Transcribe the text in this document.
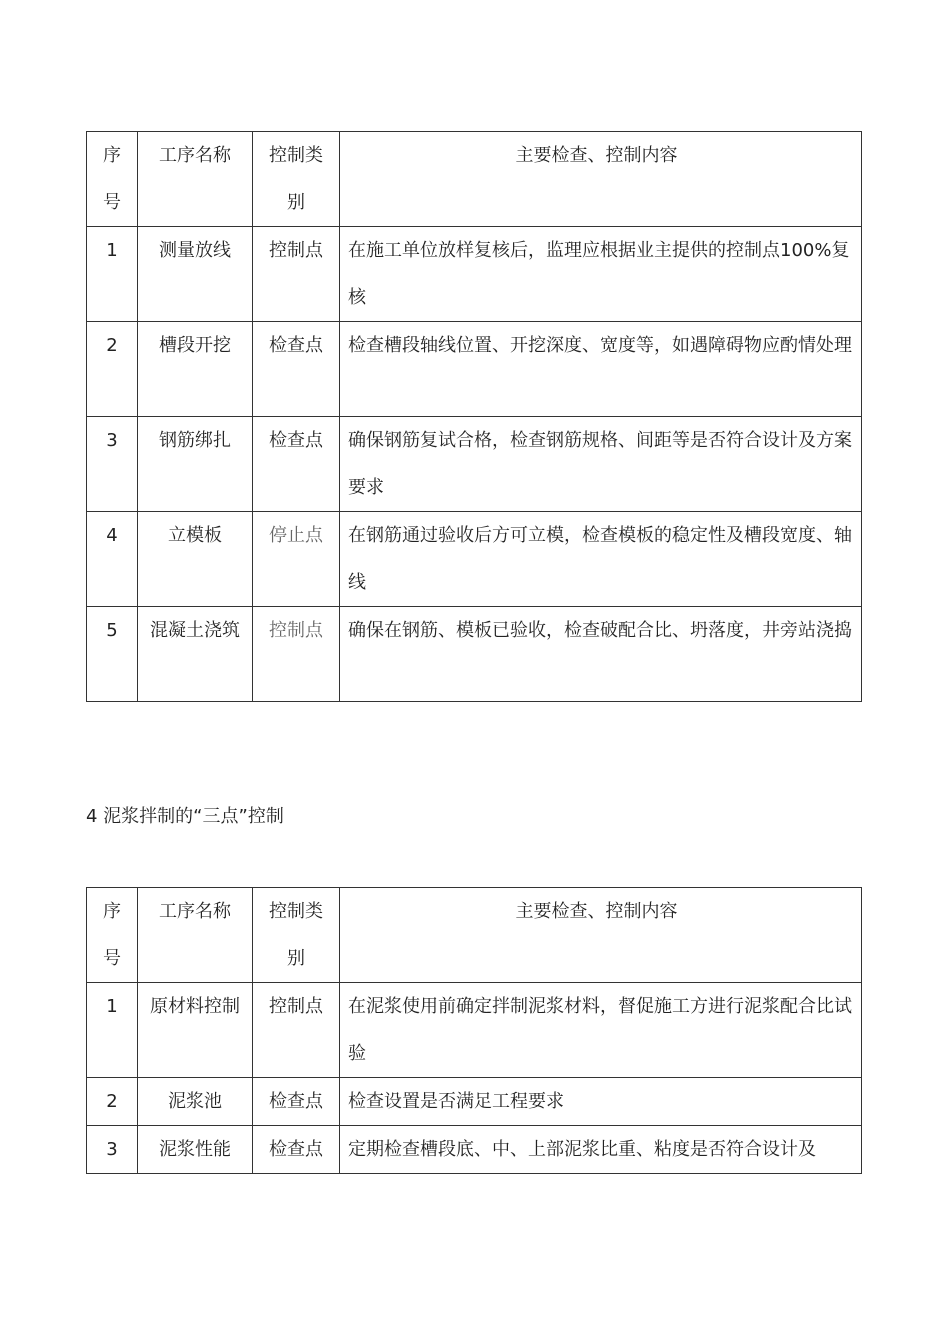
序号	工序名称	控制类别	主要检查、控制内容
1	测量放线	控制点	在施工单位放样复核后，监理应根据业主提供的控制点100%复核
2	槽段开挖	检查点	检查槽段轴线位置、开挖深度、宽度等，如遇障碍物应酌情处理
3	钢筋绑扎	检查点	确保钢筋复试合格，检查钢筋规格、间距等是否符合设计及方案要求
4	立模板	停止点	在钢筋通过验收后方可立模，检查模板的稳定性及槽段宽度、轴线
5	混凝土浇筑	控制点	确保在钢筋、模板已验收，检查破配合比、坍落度，井旁站浇捣

4 泥浆拌制的“三点”控制

序号	工序名称	控制类别	主要检查、控制内容
1	原材料控制	控制点	在泥浆使用前确定拌制泥浆材料，督促施工方进行泥浆配合比试验
2	泥浆池	检查点	检查设置是否满足工程要求
3	泥浆性能	检查点	定期检查槽段底、中、上部泥浆比重、粘度是否符合设计及
